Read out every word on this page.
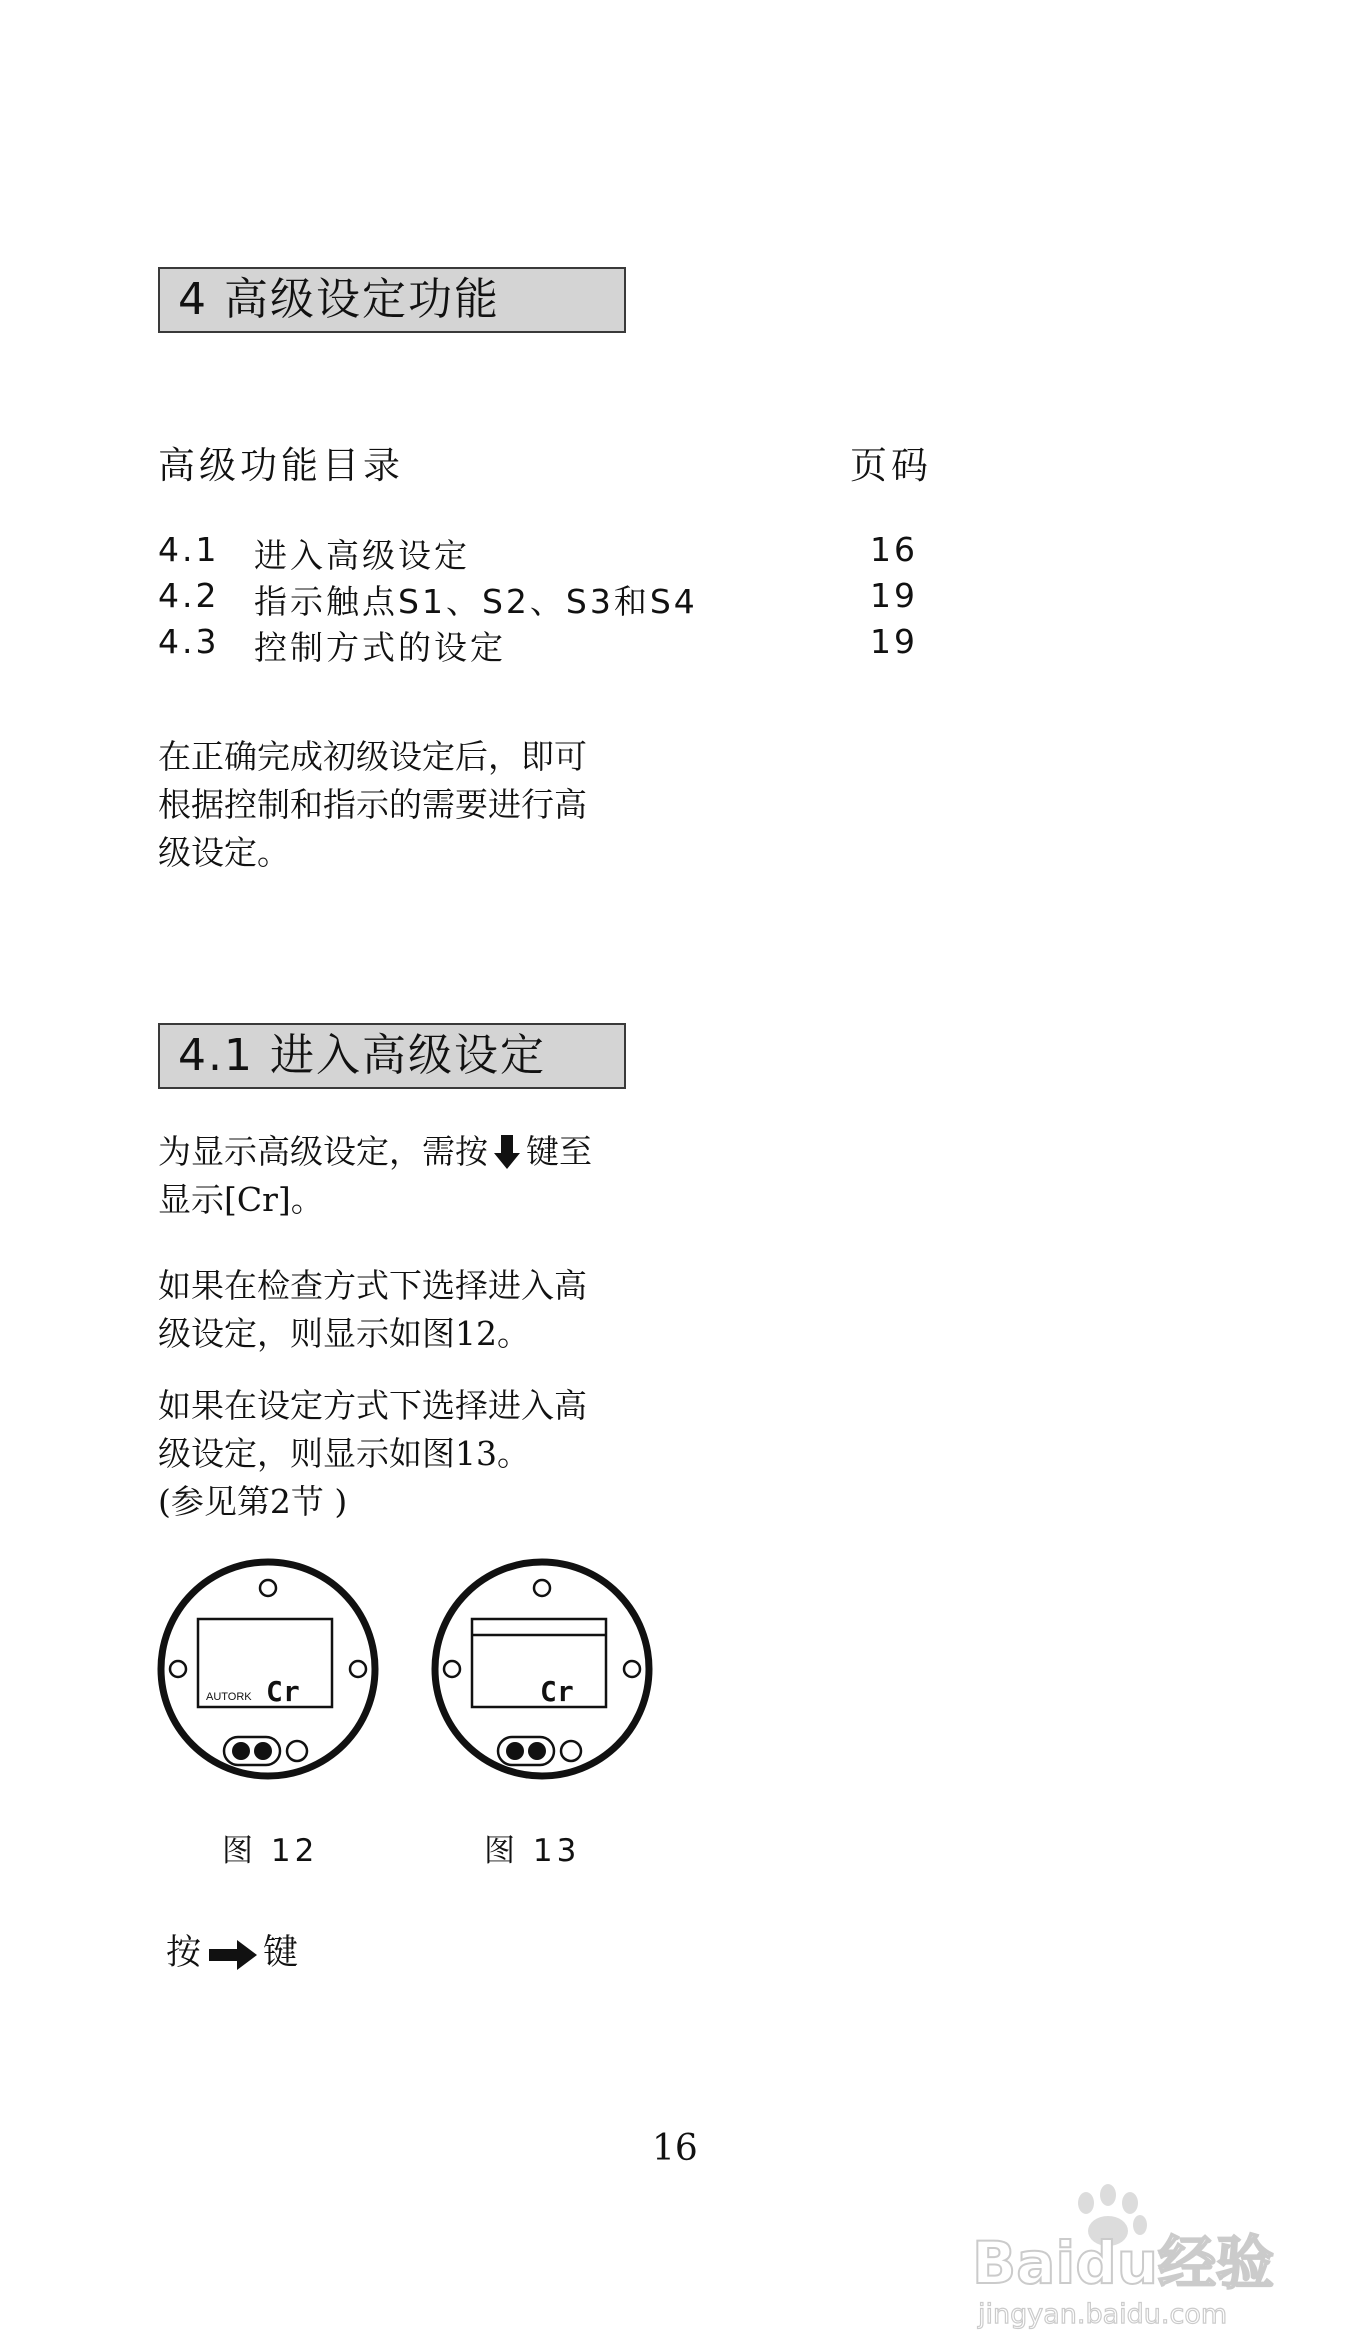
4 高级设定功能
高级功能目录	页码
4.1 进入高级设定	16
4.2 指示触点S1、S2、S3和S4	19
4.3 控制方式的设定	19

在正确完成初级设定后，即可
根据控制和指示的需要进行高
级设定。

4.1 进入高级设定

为显示高级设定，需按 键至
显示[Cr]。

如果在检查方式下选择进入高
级设定，则显示如图12。

如果在设定方式下选择进入高
级设定，则显示如图13。
(参见第2节 )

AUTORK Cr	Cr
图 12	图 13
按 键
16
Baidu经验
jingyan.baidu.com
